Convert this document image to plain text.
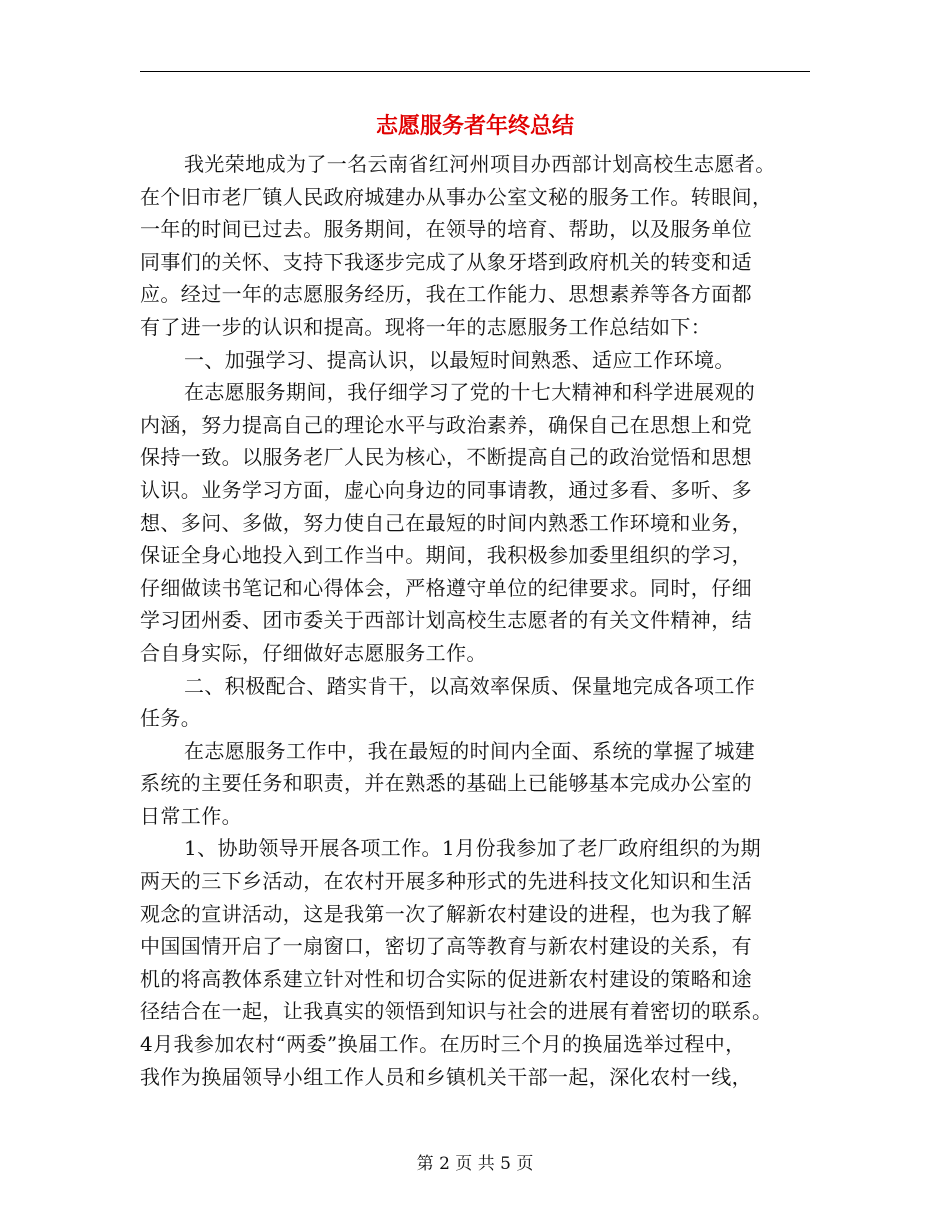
志愿服务者年终总结
我光荣地成为了一名云南省红河州项目办西部计划高校生志愿者。
在个旧市老厂镇人民政府城建办从事办公室文秘的服务工作。转眼间，
一年的时间已过去。服务期间，在领导的培育、帮助，以及服务单位
同事们的关怀、支持下我逐步完成了从象牙塔到政府机关的转变和适
应。经过一年的志愿服务经历，我在工作能力、思想素养等各方面都
有了进一步的认识和提高。现将一年的志愿服务工作总结如下：
一、加强学习、提高认识，以最短时间熟悉、适应工作环境。
在志愿服务期间，我仔细学习了党的十七大精神和科学进展观的
内涵，努力提高自己的理论水平与政治素养，确保自己在思想上和党
保持一致。以服务老厂人民为核心，不断提高自己的政治觉悟和思想
认识。业务学习方面，虚心向身边的同事请教，通过多看、多听、多
想、多问、多做，努力使自己在最短的时间内熟悉工作环境和业务，
保证全身心地投入到工作当中。期间，我积极参加委里组织的学习，
仔细做读书笔记和心得体会，严格遵守单位的纪律要求。同时，仔细
学习团州委、团市委关于西部计划高校生志愿者的有关文件精神，结
合自身实际，仔细做好志愿服务工作。
二、积极配合、踏实肯干，以高效率保质、保量地完成各项工作
任务。
在志愿服务工作中，我在最短的时间内全面、系统的掌握了城建
系统的主要任务和职责，并在熟悉的基础上已能够基本完成办公室的
日常工作。
1、协助领导开展各项工作。1月份我参加了老厂政府组织的为期
两天的三下乡活动，在农村开展多种形式的先进科技文化知识和生活
观念的宣讲活动，这是我第一次了解新农村建设的进程，也为我了解
中国国情开启了一扇窗口，密切了高等教育与新农村建设的关系，有
机的将高教体系建立针对性和切合实际的促进新农村建设的策略和途
径结合在一起，让我真实的领悟到知识与社会的进展有着密切的联系。
4月我参加农村“两委”换届工作。在历时三个月的换届选举过程中，
我作为换届领导小组工作人员和乡镇机关干部一起，深化农村一线，
第 2 页 共 5 页
